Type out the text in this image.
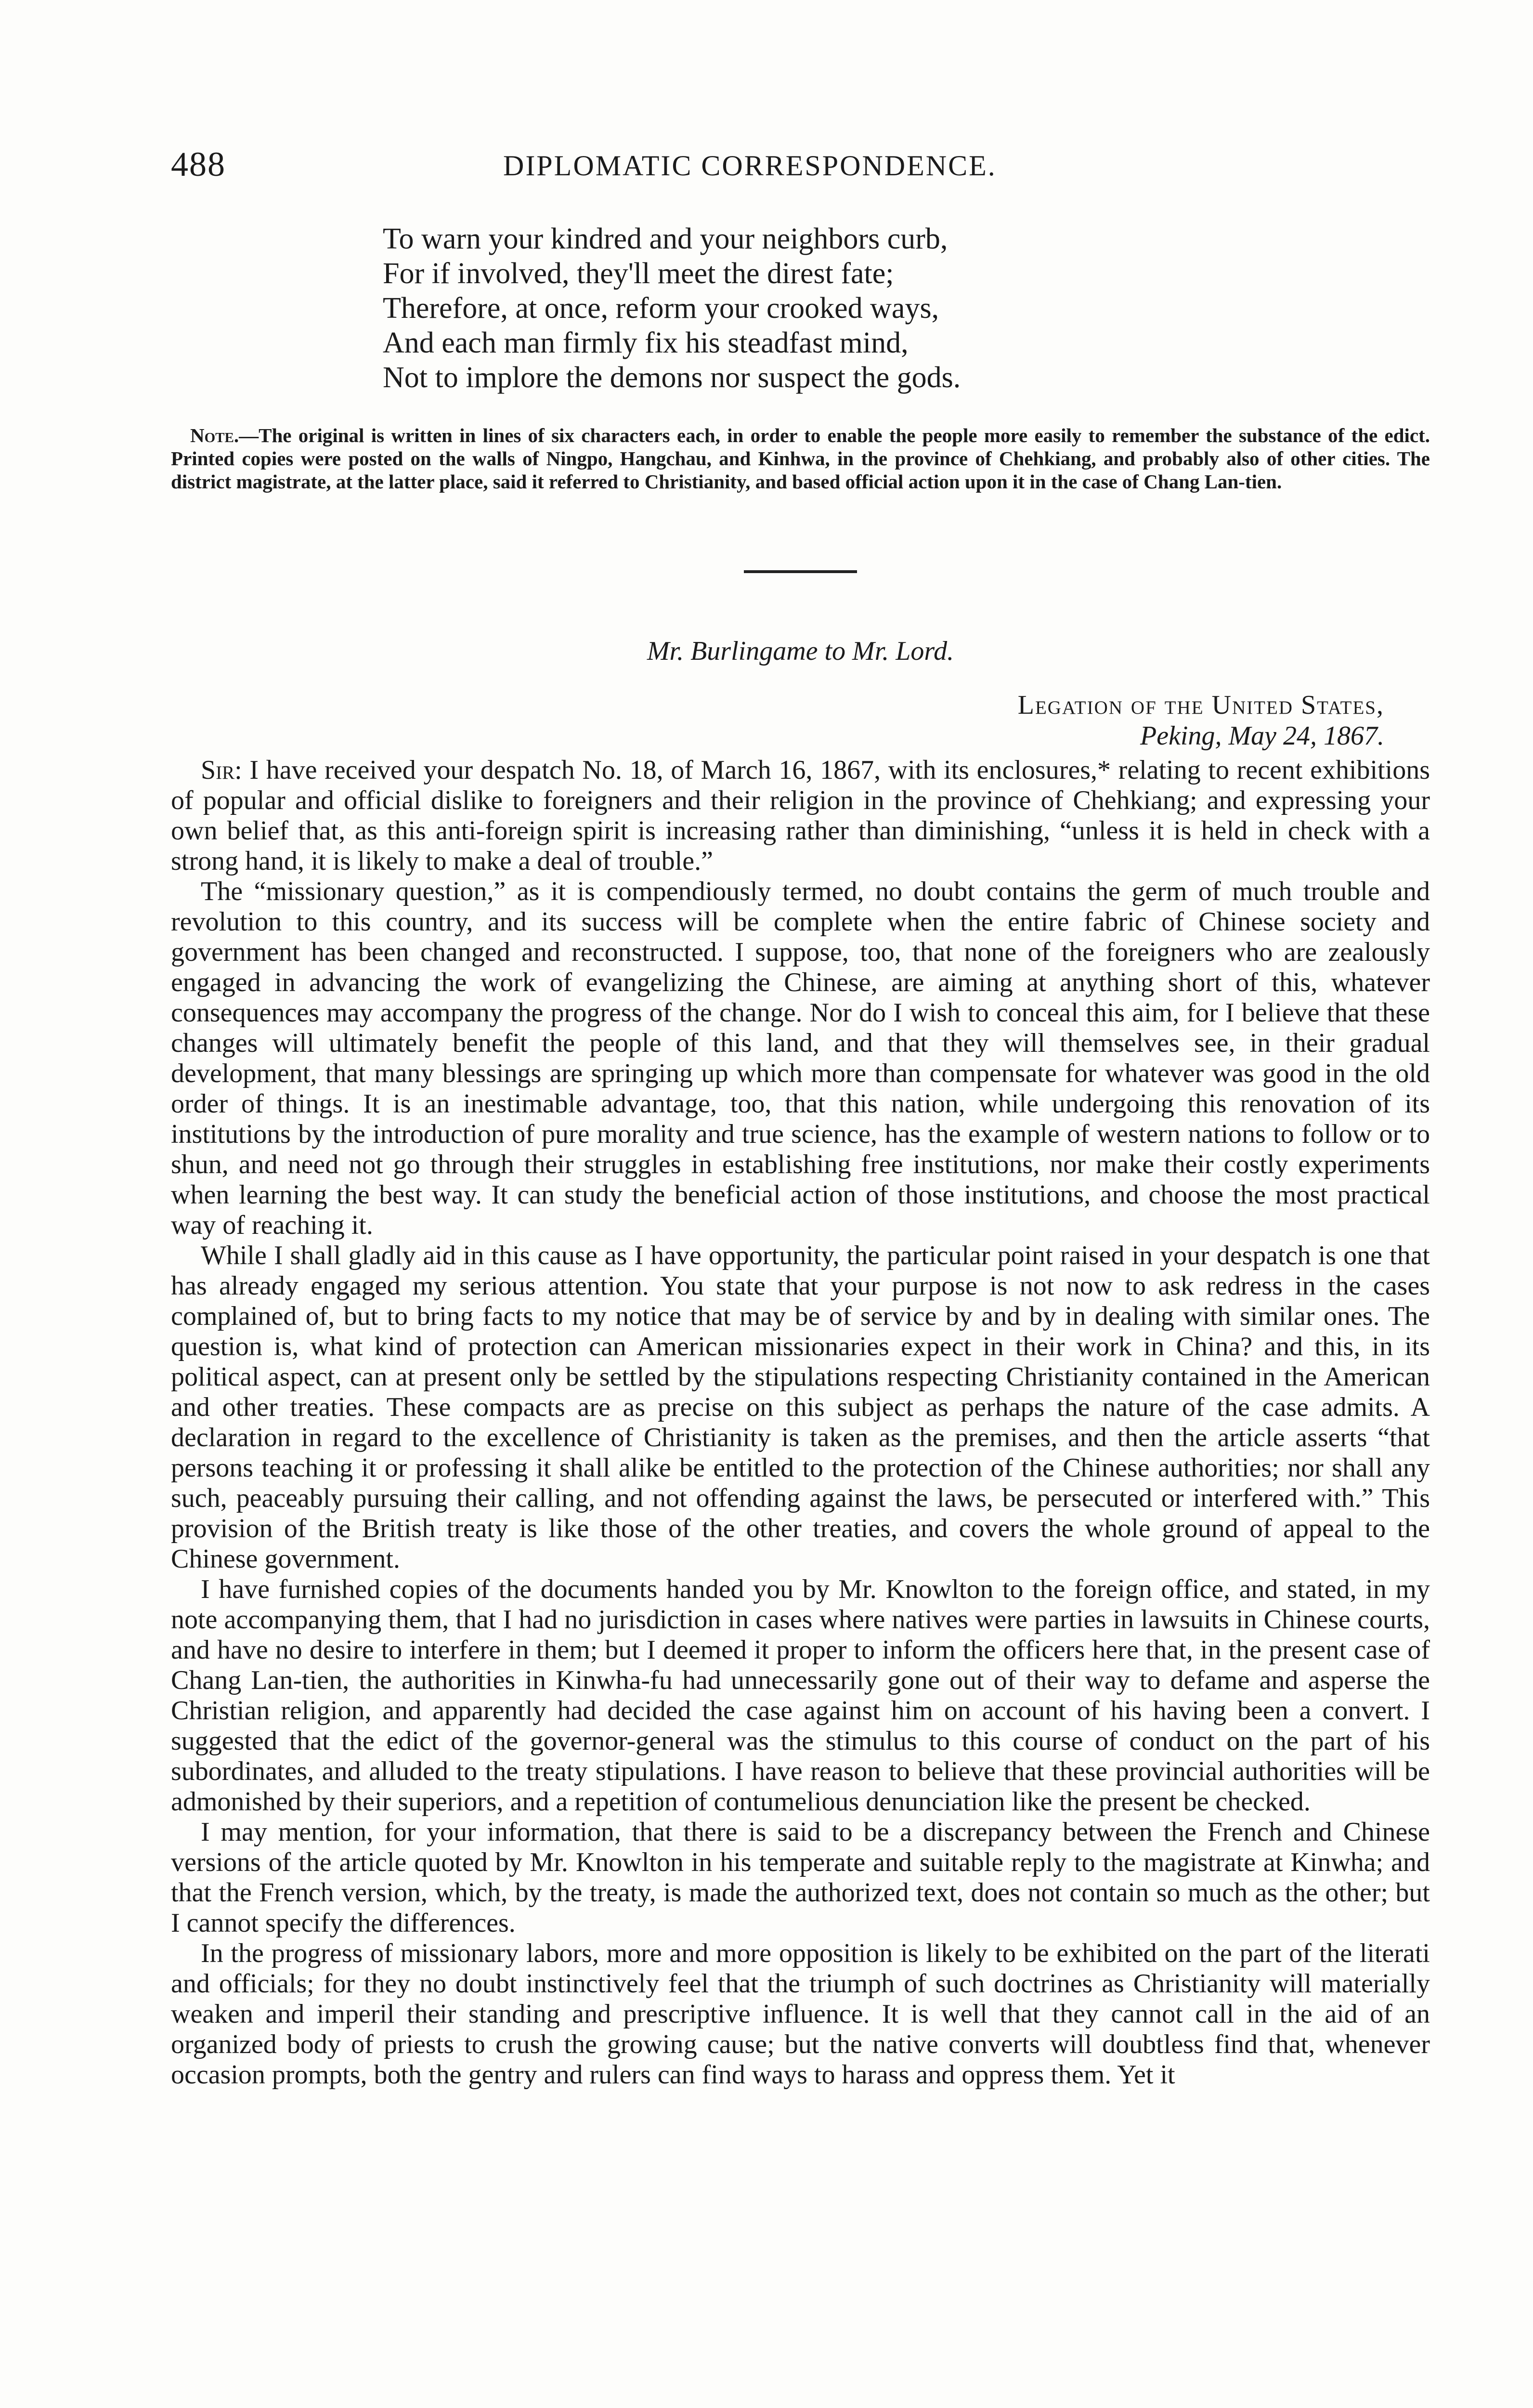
488	DIPLOMATIC CORRESPONDENCE.
To warn your kindred and your neighbors curb,
For if involved, they'll meet the direst fate;
Therefore, at once, reform your crooked ways,
And each man firmly fix his steadfast mind,
Not to implore the demons nor suspect the gods.

Note.—The original is written in lines of six characters each, in order to enable the people more easily to remember the substance of the edict. Printed copies were posted on the walls of Ningpo, Hangchau, and Kinhwa, in the province of Chehkiang, and probably also of other cities. The district magistrate, at the latter place, said it referred to Christianity, and based official action upon it in the case of Chang Lan-tien.

Mr. Burlingame to Mr. Lord.
Legation of the United States,
Peking, May 24, 1867.

Sir: I have received your despatch No. 18, of March 16, 1867, with its enclosures,* relating to recent exhibitions of popular and official dislike to foreigners and their religion in the province of Chehkiang; and expressing your own belief that, as this anti-foreign spirit is increasing rather than diminishing, “unless it is held in check with a strong hand, it is likely to make a deal of trouble.”

The “missionary question,” as it is compendiously termed, no doubt contains the germ of much trouble and revolution to this country, and its success will be complete when the entire fabric of Chinese society and government has been changed and reconstructed. I suppose, too, that none of the foreigners who are zealously engaged in advancing the work of evangelizing the Chinese, are aiming at anything short of this, whatever consequences may accompany the progress of the change. Nor do I wish to conceal this aim, for I believe that these changes will ultimately benefit the people of this land, and that they will themselves see, in their gradual development, that many blessings are springing up which more than compensate for whatever was good in the old order of things. It is an inestimable advantage, too, that this nation, while undergoing this renovation of its institutions by the introduction of pure morality and true science, has the example of western nations to follow or to shun, and need not go through their struggles in establishing free institutions, nor make their costly experiments when learning the best way. It can study the beneficial action of those institutions, and choose the most practical way of reaching it.

While I shall gladly aid in this cause as I have opportunity, the particular point raised in your despatch is one that has already engaged my serious attention. You state that your purpose is not now to ask redress in the cases complained of, but to bring facts to my notice that may be of service by and by in dealing with similar ones. The question is, what kind of protection can American missionaries expect in their work in China? and this, in its political aspect, can at present only be settled by the stipulations respecting Christianity contained in the American and other treaties. These compacts are as precise on this subject as perhaps the nature of the case admits. A declaration in regard to the excellence of Christianity is taken as the premises, and then the article asserts “that persons teaching it or professing it shall alike be entitled to the protection of the Chinese authorities; nor shall any such, peaceably pursuing their calling, and not offending against the laws, be persecuted or interfered with.” This provision of the British treaty is like those of the other treaties, and covers the whole ground of appeal to the Chinese government.

I have furnished copies of the documents handed you by Mr. Knowlton to the foreign office, and stated, in my note accompanying them, that I had no jurisdiction in cases where natives were parties in lawsuits in Chinese courts, and have no desire to interfere in them; but I deemed it proper to inform the officers here that, in the present case of Chang Lan-tien, the authorities in Kinwha-fu had unnecessarily gone out of their way to defame and asperse the Christian religion, and apparently had decided the case against him on account of his having been a convert. I suggested that the edict of the governor-general was the stimulus to this course of conduct on the part of his subordinates, and alluded to the treaty stipulations. I have reason to believe that these provincial authorities will be admonished by their superiors, and a repetition of contumelious denunciation like the present be checked.

I may mention, for your information, that there is said to be a discrepancy between the French and Chinese versions of the article quoted by Mr. Knowlton in his temperate and suitable reply to the magistrate at Kinwha; and that the French version, which, by the treaty, is made the authorized text, does not contain so much as the other; but I cannot specify the differences.

In the progress of missionary labors, more and more opposition is likely to be exhibited on the part of the literati and officials; for they no doubt instinctively feel that the triumph of such doctrines as Christianity will materially weaken and imperil their standing and prescriptive influence. It is well that they cannot call in the aid of an organized body of priests to crush the growing cause; but the native converts will doubtless find that, whenever occasion prompts, both the gentry and rulers can find ways to harass and oppress them. Yet it
